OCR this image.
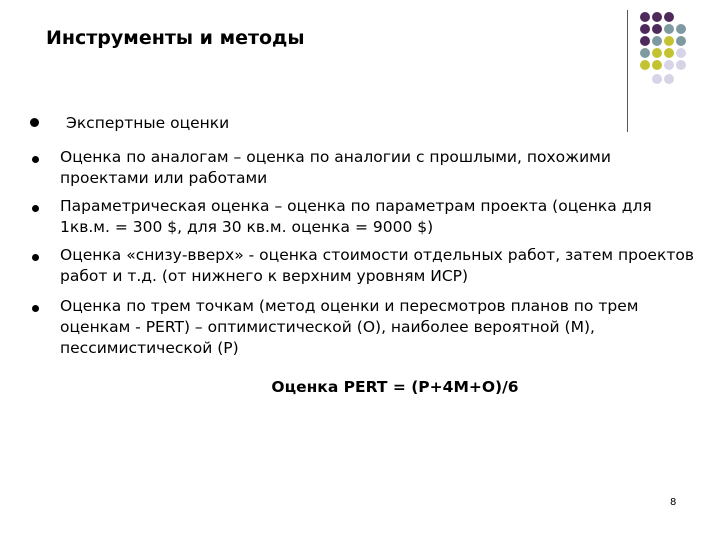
Инструменты и методы
Экспертные оценки
Оценка по аналогам – оценка по аналогии с прошлыми, похожими проектами или работами
Параметрическая оценка – оценка по параметрам проекта (оценка для 1кв.м. = 300 $, для 30 кв.м. оценка = 9000 $)
Оценка «снизу-вверх» - оценка стоимости отдельных работ, затем проектов работ и т.д. (от нижнего к верхним уровням ИСР)
Оценка по трем точкам (метод оценки и пересмотров планов по трем оценкам - PERT) – оптимистической (O), наиболее вероятной (M), пессимистической (P)
Оценка PERT = (P+4M+O)/6
8
